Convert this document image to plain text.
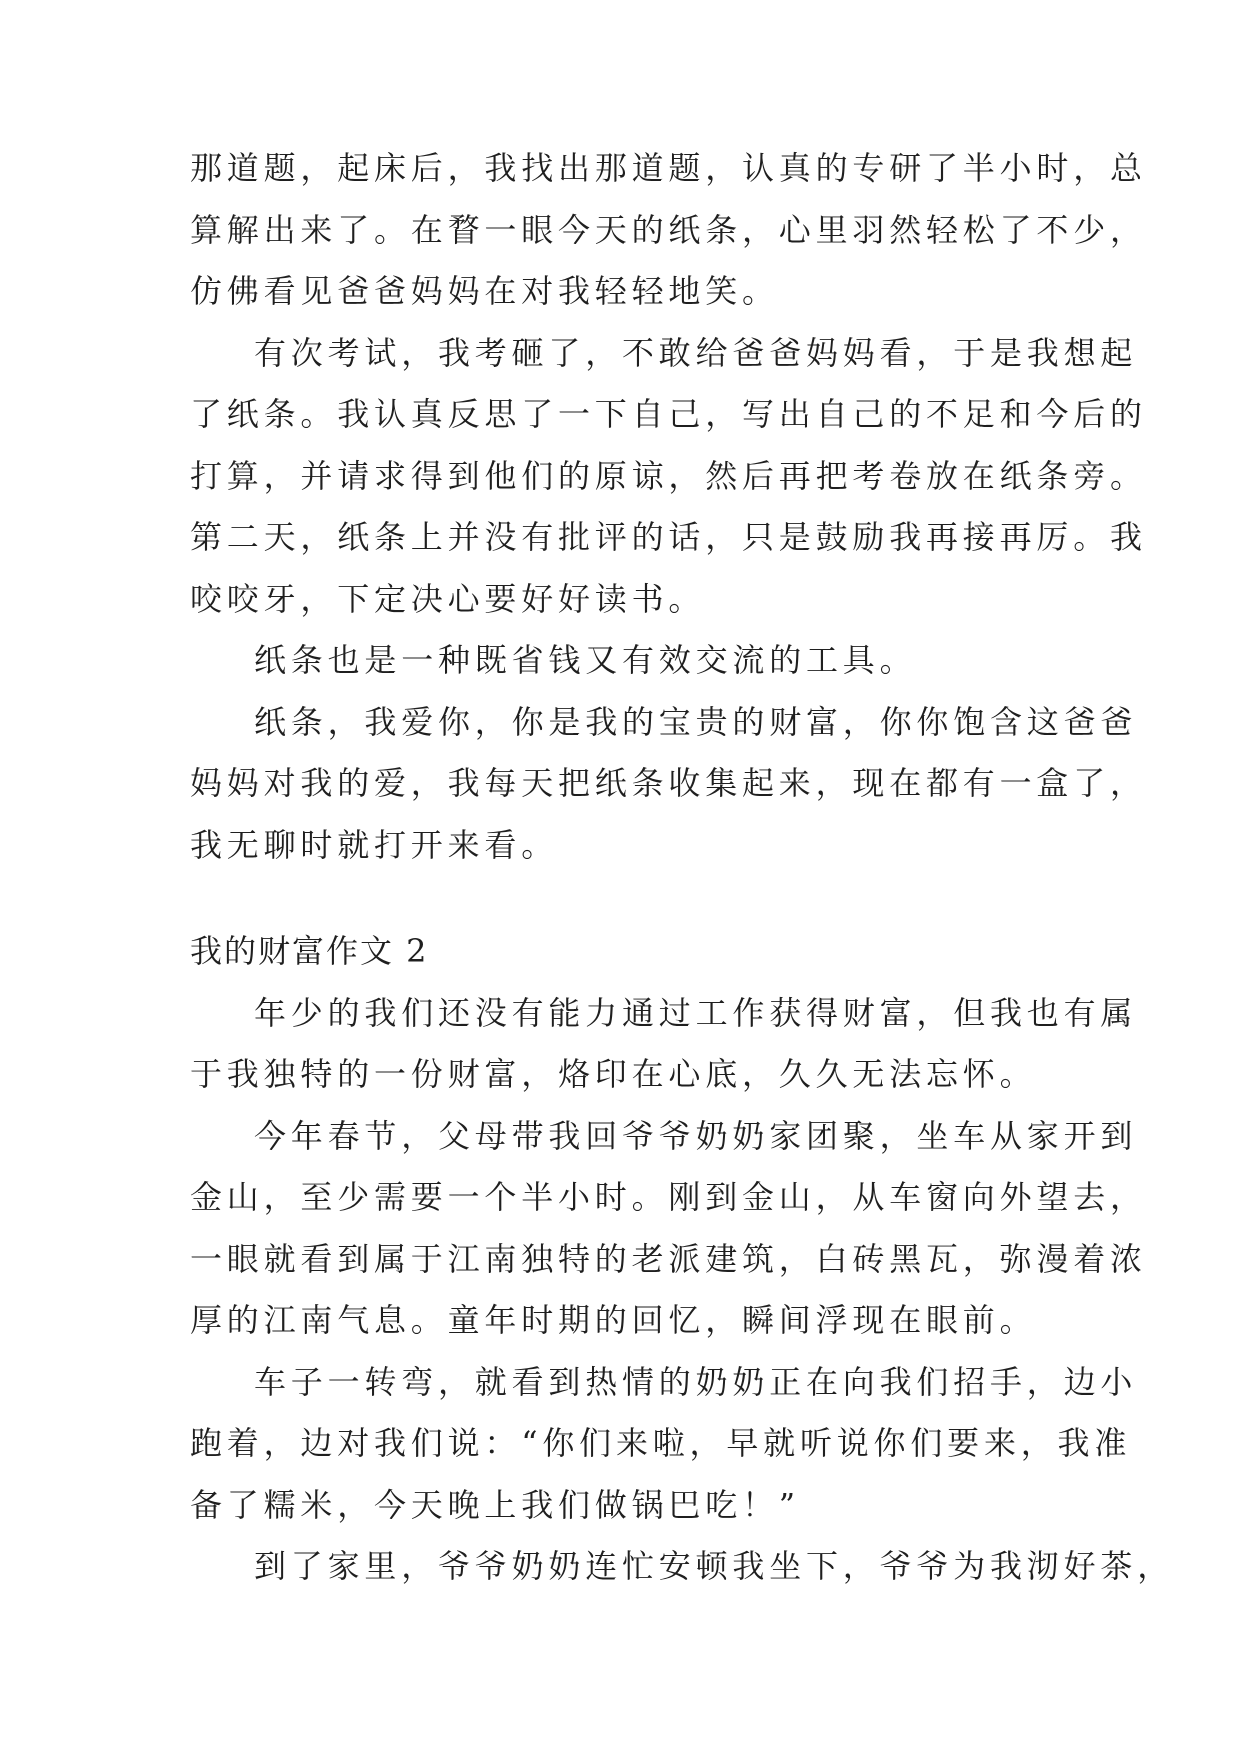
那道题，起床后，我找出那道题，认真的专研了半小时，总
算解出来了。在瞀一眼今天的纸条，心里羽然轻松了不少，
仿佛看见爸爸妈妈在对我轻轻地笑。
有次考试，我考砸了，不敢给爸爸妈妈看，于是我想起
了纸条。我认真反思了一下自己，写出自己的不足和今后的
打算，并请求得到他们的原谅，然后再把考卷放在纸条旁。
第二天，纸条上并没有批评的话，只是鼓励我再接再厉。我
咬咬牙，下定决心要好好读书。
纸条也是一种既省钱又有效交流的工具。
纸条，我爱你，你是我的宝贵的财富，你你饱含这爸爸
妈妈对我的爱，我每天把纸条收集起来，现在都有一盒了，
我无聊时就打开来看。
我的财富作文 2
年少的我们还没有能力通过工作获得财富，但我也有属
于我独特的一份财富，烙印在心底，久久无法忘怀。
今年春节，父母带我回爷爷奶奶家团聚，坐车从家开到
金山，至少需要一个半小时。刚到金山，从车窗向外望去，
一眼就看到属于江南独特的老派建筑，白砖黑瓦，弥漫着浓
厚的江南气息。童年时期的回忆，瞬间浮现在眼前。
车子一转弯，就看到热情的奶奶正在向我们招手，边小
跑着，边对我们说：“你们来啦，早就听说你们要来，我准
备了糯米，今天晚上我们做锅巴吃！”
到了家里，爷爷奶奶连忙安顿我坐下，爷爷为我沏好茶，
